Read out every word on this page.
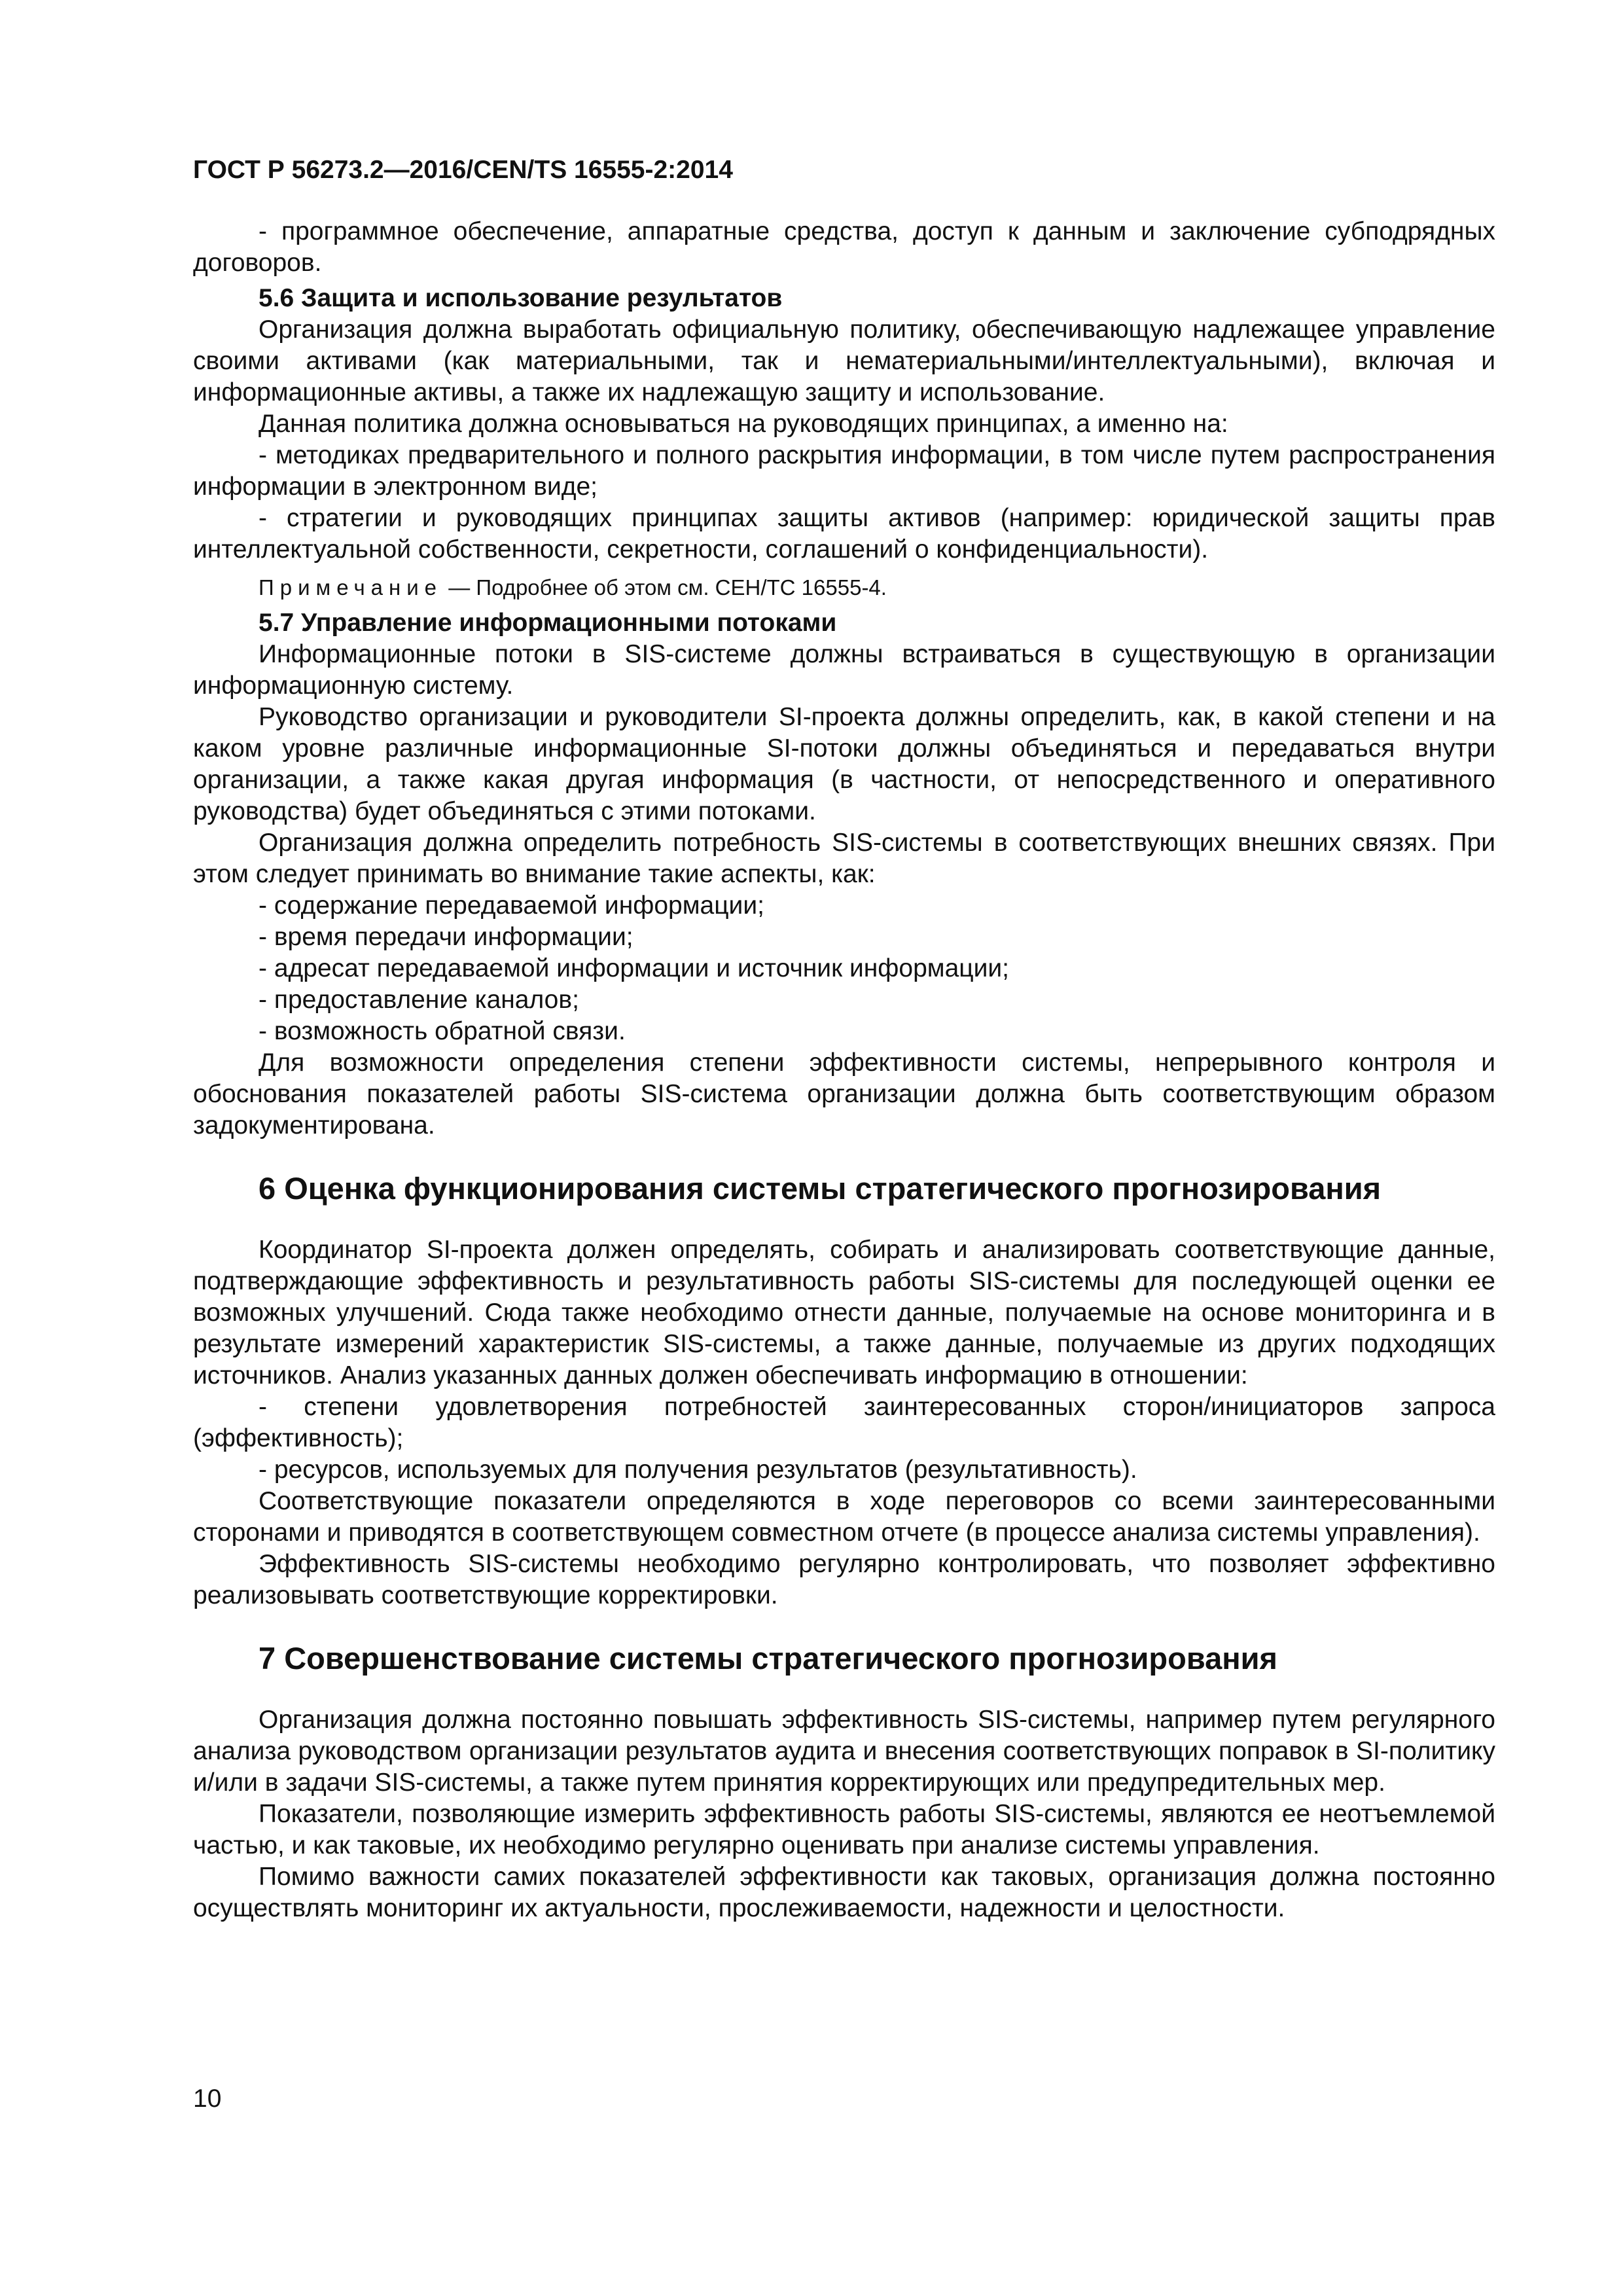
ГОСТ Р 56273.2—2016/CEN/TS 16555-2:2014

- программное обеспечение, аппаратные средства, доступ к данным и заключение субподрядных договоров.

5.6 Защита и использование результатов

Организация должна выработать официальную политику, обеспечивающую надлежащее управление своими активами (как материальными, так и нематериальными/интеллектуальными), включая и информационные активы, а также их надлежащую защиту и использование.

Данная политика должна основываться на руководящих принципах, а именно на:

- методиках предварительного и полного раскрытия информации, в том числе путем распространения информации в электронном виде;

- стратегии и руководящих принципах защиты активов (например: юридической защиты прав интеллектуальной собственности, секретности, соглашений о конфиденциальности).

Примечание — Подробнее об этом см. СЕН/ТС 16555-4.
5.7 Управление информационными потоками

Информационные потоки в SIS-системе должны встраиваться в существующую в организации информационную систему.

Руководство организации и руководители SI-проекта должны определить, как, в какой степени и на каком уровне различные информационные SI-потоки должны объединяться и передаваться внутри организации, а также какая другая информация (в частности, от непосредственного и оперативного руководства) будет объединяться с этими потоками.

Организация должна определить потребность SIS-системы в соответствующих внешних связях. При этом следует принимать во внимание такие аспекты, как:

- содержание передаваемой информации;

- время передачи информации;

- адресат передаваемой информации и источник информации;

- предоставление каналов;

- возможность обратной связи.

Для возможности определения степени эффективности системы, непрерывного контроля и обоснования показателей работы SIS-система организации должна быть соответствующим образом задокументирована.

6 Оценка функционирования системы стратегического прогнозирования

Координатор SI-проекта должен определять, собирать и анализировать соответствующие данные, подтверждающие эффективность и результативность работы SIS-системы для последующей оценки ее возможных улучшений. Сюда также необходимо отнести данные, получаемые на основе мониторинга и в результате измерений характеристик SIS-системы, а также данные, получаемые из других подходящих источников. Анализ указанных данных должен обеспечивать информацию в отношении:

- степени удовлетворения потребностей заинтересованных сторон/инициаторов запроса (эффективность);

- ресурсов, используемых для получения результатов (результативность).

Соответствующие показатели определяются в ходе переговоров со всеми заинтересованными сторонами и приводятся в соответствующем совместном отчете (в процессе анализа системы управления).

Эффективность SIS-системы необходимо регулярно контролировать, что позволяет эффективно реализовывать соответствующие корректировки.

7 Совершенствование системы стратегического прогнозирования

Организация должна постоянно повышать эффективность SIS-системы, например путем регулярного анализа руководством организации результатов аудита и внесения соответствующих поправок в SI-политику и/или в задачи SIS-системы, а также путем принятия корректирующих или предупредительных мер.

Показатели, позволяющие измерить эффективность работы SIS-системы, являются ее неотъемлемой частью, и как таковые, их необходимо регулярно оценивать при анализе системы управления.

Помимо важности самих показателей эффективности как таковых, организация должна постоянно осуществлять мониторинг их актуальности, прослеживаемости, надежности и целостности.

10
